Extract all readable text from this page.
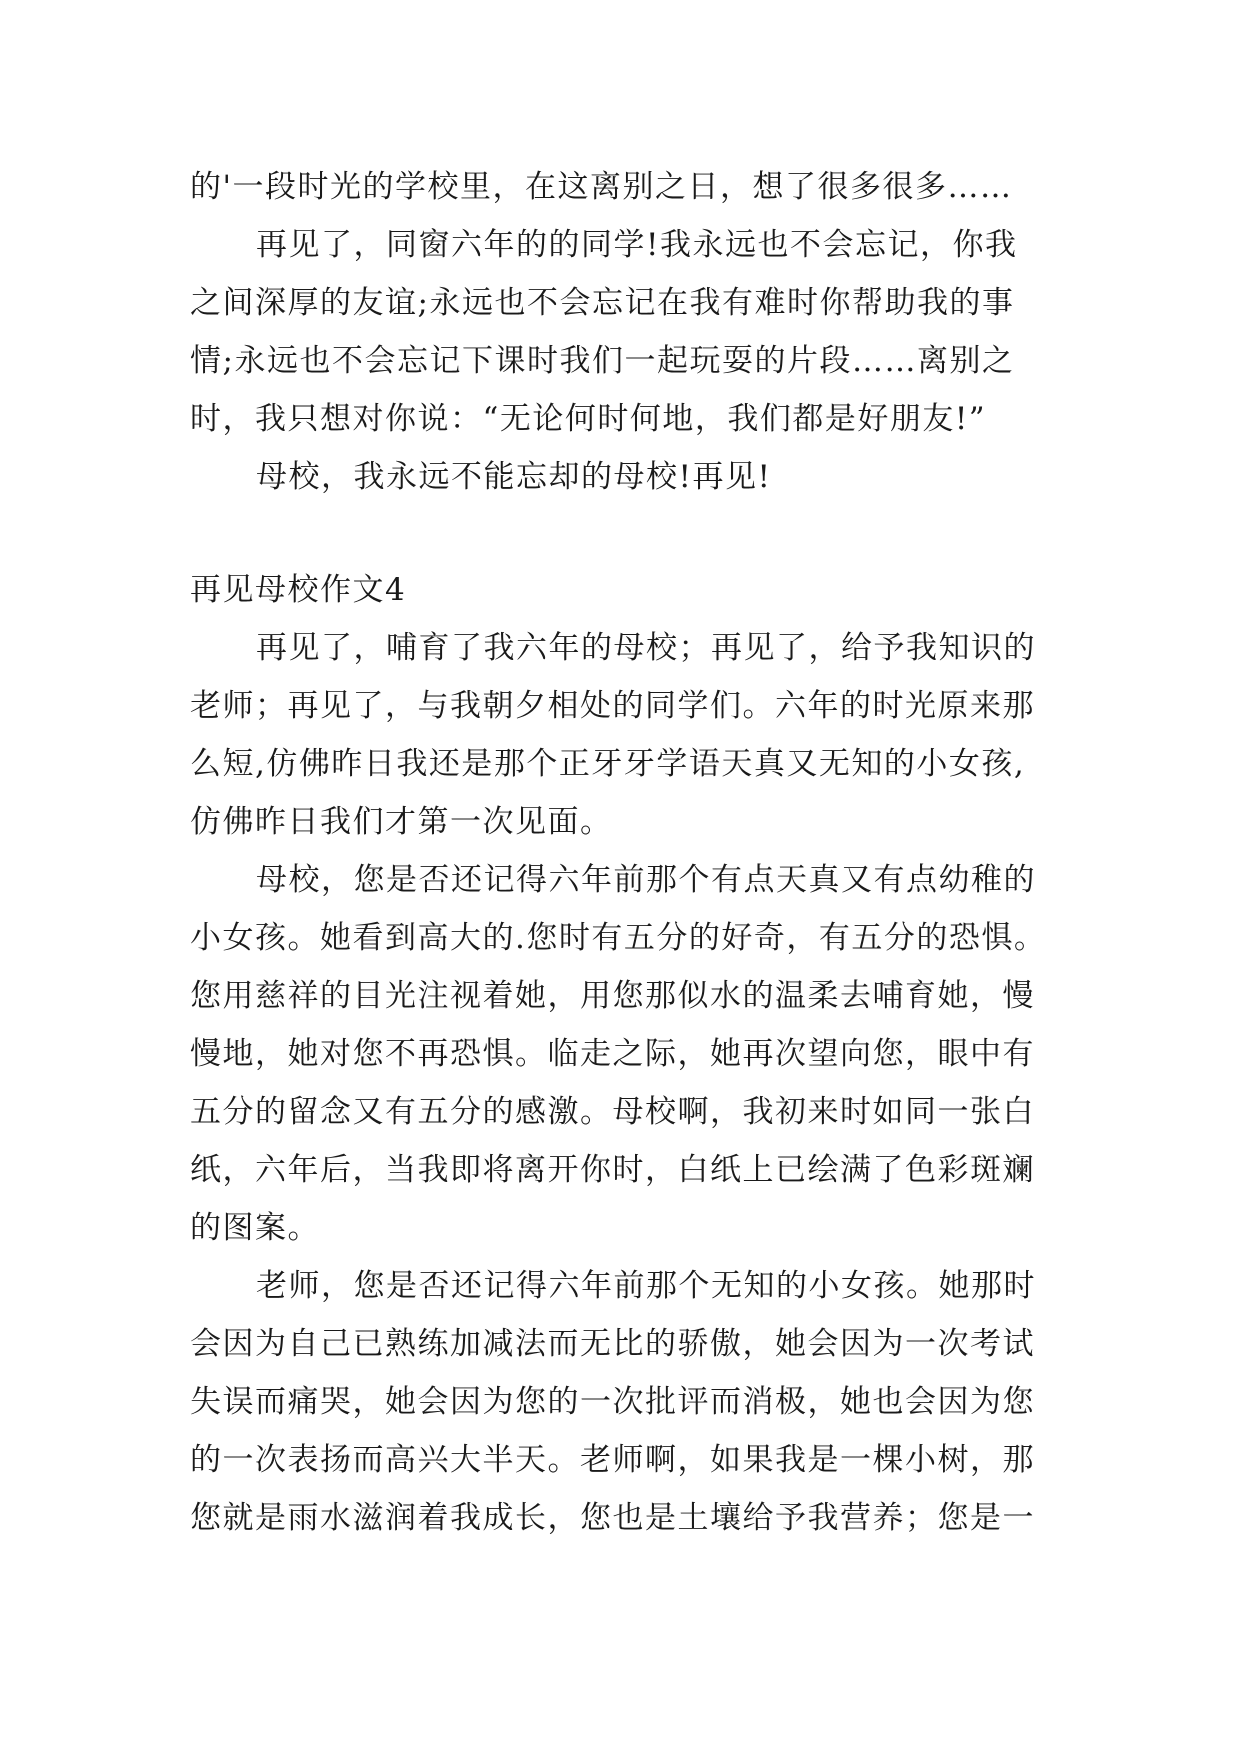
的'一段时光的学校里，在这离别之日，想了很多很多……
再见了，同窗六年的的同学!我永远也不会忘记，你我
之间深厚的友谊;永远也不会忘记在我有难时你帮助我的事
情;永远也不会忘记下课时我们一起玩耍的片段……离别之
时，我只想对你说：“无论何时何地，我们都是好朋友!”
母校，我永远不能忘却的母校!再见!
再见母校作文4
再见了，哺育了我六年的母校；再见了，给予我知识的
老师；再见了，与我朝夕相处的同学们。六年的时光原来那
么短,仿佛昨日我还是那个正牙牙学语天真又无知的小女孩,
仿佛昨日我们才第一次见面。
母校，您是否还记得六年前那个有点天真又有点幼稚的
小女孩。她看到高大的.您时有五分的好奇，有五分的恐惧。
您用慈祥的目光注视着她，用您那似水的温柔去哺育她，慢
慢地，她对您不再恐惧。临走之际，她再次望向您，眼中有
五分的留念又有五分的感激。母校啊，我初来时如同一张白
纸，六年后，当我即将离开你时，白纸上已绘满了色彩斑斓
的图案。
老师，您是否还记得六年前那个无知的小女孩。她那时
会因为自己已熟练加减法而无比的骄傲，她会因为一次考试
失误而痛哭，她会因为您的一次批评而消极，她也会因为您
的一次表扬而高兴大半天。老师啊，如果我是一棵小树，那
您就是雨水滋润着我成长，您也是土壤给予我营养；您是一
